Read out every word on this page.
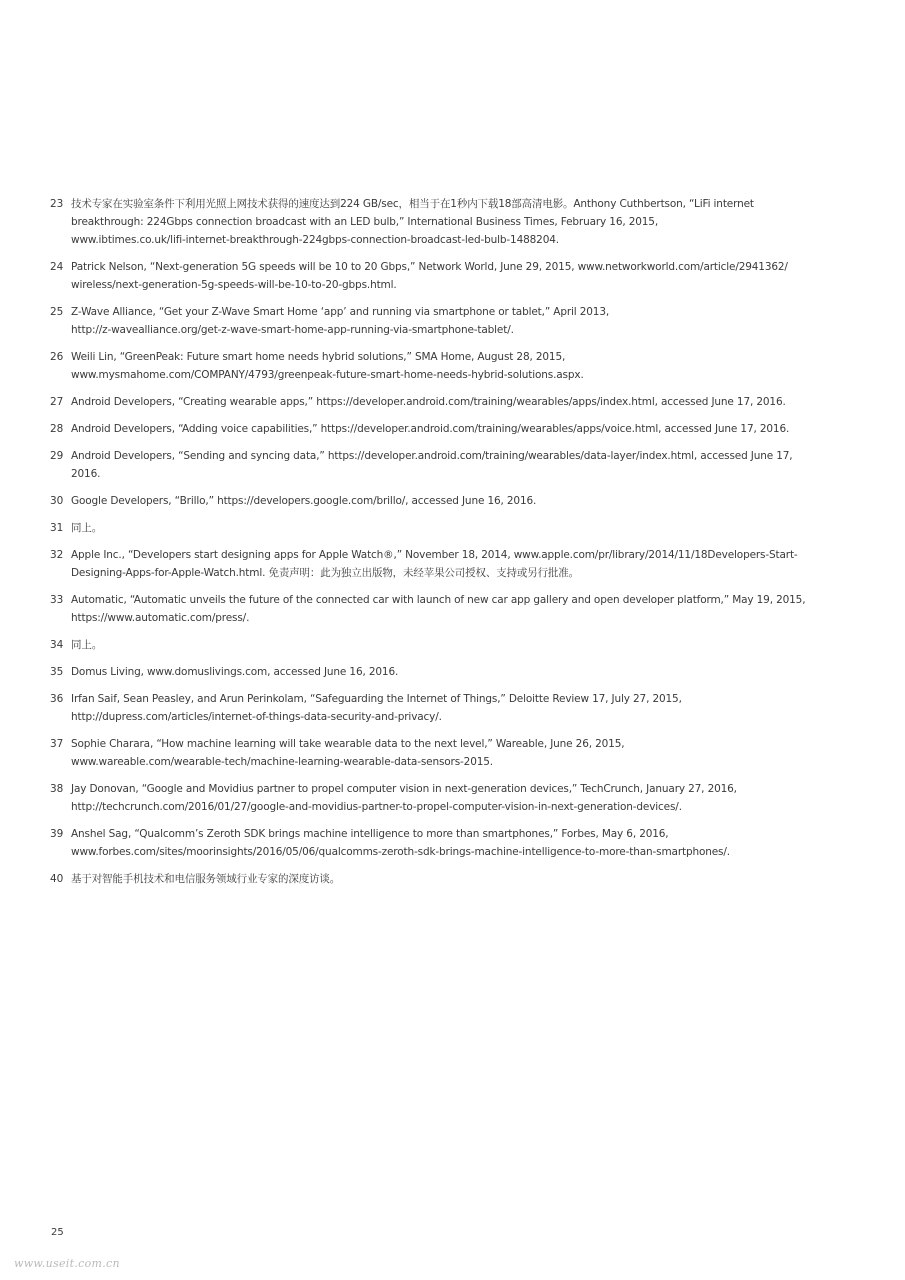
23 技术专家在实验室条件下利用光照上网技术获得的速度达到224 GB/sec，相当于在1秒内下载18部高清电影。Anthony Cuthbertson, “LiFi internet
breakthrough: 224Gbps connection broadcast with an LED bulb,” International Business Times, February 16, 2015,
www.ibtimes.co.uk/lifi-internet-breakthrough-224gbps-connection-broadcast-led-bulb-1488204.
24 Patrick Nelson, “Next-generation 5G speeds will be 10 to 20 Gbps,” Network World, June 29, 2015, www.networkworld.com/article/2941362/
wireless/next-generation-5g-speeds-will-be-10-to-20-gbps.html.
25 Z-Wave Alliance, “Get your Z-Wave Smart Home ‘app’ and running via smartphone or tablet,” April 2013,
http://z-wavealliance.org/get-z-wave-smart-home-app-running-via-smartphone-tablet/.
26 Weili Lin, “GreenPeak: Future smart home needs hybrid solutions,” SMA Home, August 28, 2015,
www.mysmahome.com/COMPANY/4793/greenpeak-future-smart-home-needs-hybrid-solutions.aspx.
27 Android Developers, “Creating wearable apps,” https://developer.android.com/training/wearables/apps/index.html, accessed June 17, 2016.
28 Android Developers, “Adding voice capabilities,” https://developer.android.com/training/wearables/apps/voice.html, accessed June 17, 2016.
29 Android Developers, “Sending and syncing data,” https://developer.android.com/training/wearables/data-layer/index.html, accessed June 17,
2016.
30 Google Developers, “Brillo,” https://developers.google.com/brillo/, accessed June 16, 2016.
31 同上。
32 Apple Inc., “Developers start designing apps for Apple Watch®,” November 18, 2014, www.apple.com/pr/library/2014/11/18Developers-Start-
Designing-Apps-for-Apple-Watch.html. 免责声明：此为独立出版物，未经苹果公司授权、支持或另行批准。
33 Automatic, “Automatic unveils the future of the connected car with launch of new car app gallery and open developer platform,” May 19, 2015,
https://www.automatic.com/press/.
34 同上。
35 Domus Living, www.domuslivings.com, accessed June 16, 2016.
36 Irfan Saif, Sean Peasley, and Arun Perinkolam, “Safeguarding the Internet of Things,” Deloitte Review 17, July 27, 2015,
http://dupress.com/articles/internet-of-things-data-security-and-privacy/.
37 Sophie Charara, “How machine learning will take wearable data to the next level,” Wareable, June 26, 2015,
www.wareable.com/wearable-tech/machine-learning-wearable-data-sensors-2015.
38 Jay Donovan, “Google and Movidius partner to propel computer vision in next-generation devices,” TechCrunch, January 27, 2016,
http://techcrunch.com/2016/01/27/google-and-movidius-partner-to-propel-computer-vision-in-next-generation-devices/.
39 Anshel Sag, “Qualcomm’s Zeroth SDK brings machine intelligence to more than smartphones,” Forbes, May 6, 2016,
www.forbes.com/sites/moorinsights/2016/05/06/qualcomms-zeroth-sdk-brings-machine-intelligence-to-more-than-smartphones/.
40 基于对智能手机技术和电信服务领域行业专家的深度访谈。
25
www.useit.com.cn
